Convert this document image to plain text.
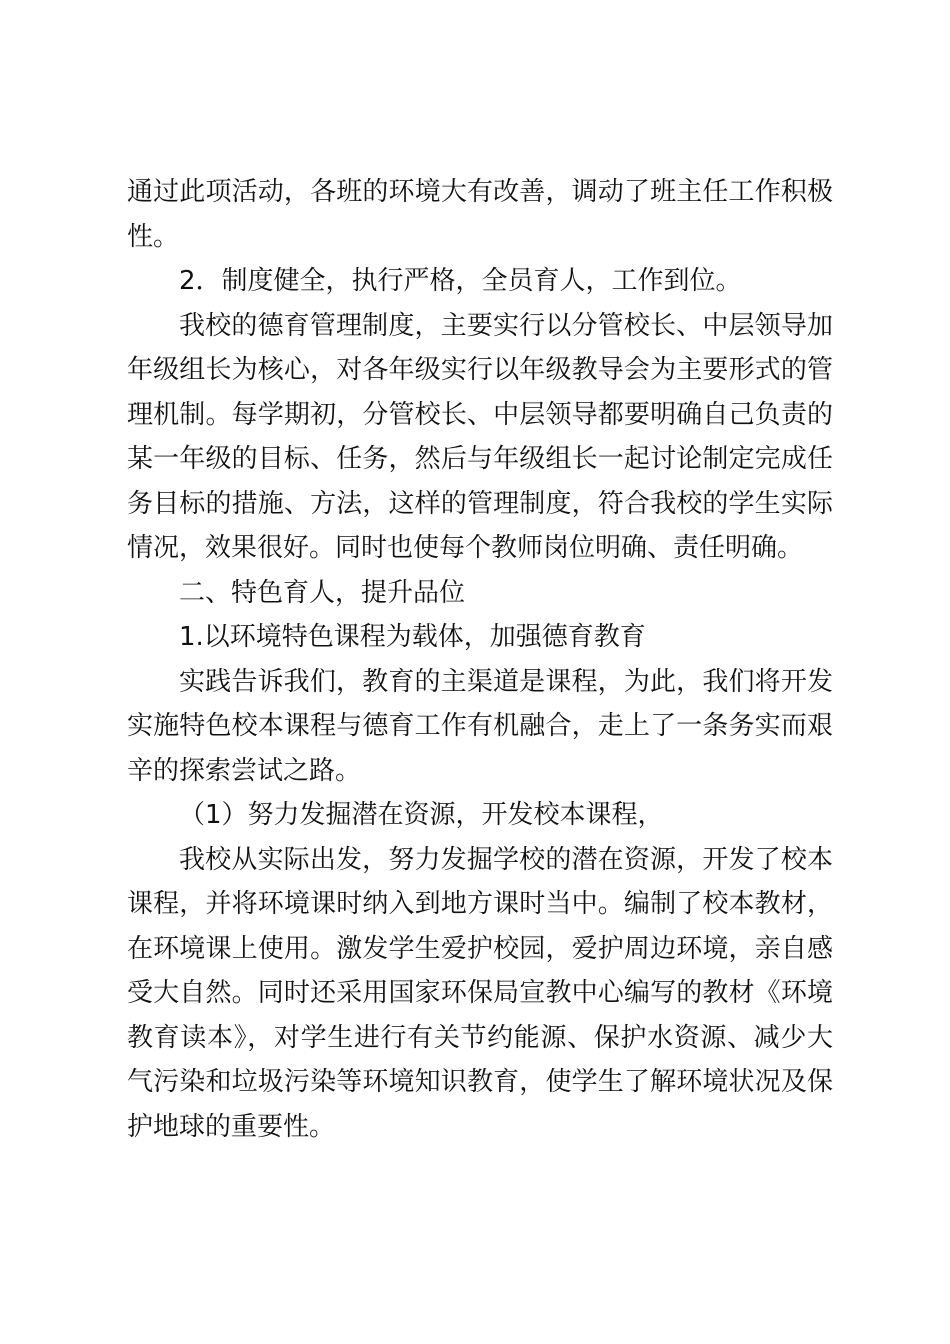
通过此项活动，各班的环境大有改善，调动了班主任工作积极性。

2．制度健全，执行严格，全员育人，工作到位。

我校的德育管理制度，主要实行以分管校长、中层领导加年级组长为核心，对各年级实行以年级教导会为主要形式的管理机制。每学期初，分管校长、中层领导都要明确自己负责的某一年级的目标、任务，然后与年级组长一起讨论制定完成任务目标的措施、方法，这样的管理制度，符合我校的学生实际情况，效果很好。同时也使每个教师岗位明确、责任明确。

二、特色育人，提升品位

1.以环境特色课程为载体，加强德育教育

实践告诉我们，教育的主渠道是课程，为此，我们将开发实施特色校本课程与德育工作有机融合，走上了一条务实而艰辛的探索尝试之路。

（1）努力发掘潜在资源，开发校本课程，

我校从实际出发，努力发掘学校的潜在资源，开发了校本课程，并将环境课时纳入到地方课时当中。编制了校本教材，在环境课上使用。激发学生爱护校园，爱护周边环境，亲自感受大自然。同时还采用国家环保局宣教中心编写的教材《环境教育读本》，对学生进行有关节约能源、保护水资源、减少大气污染和垃圾污染等环境知识教育，使学生了解环境状况及保护地球的重要性。
